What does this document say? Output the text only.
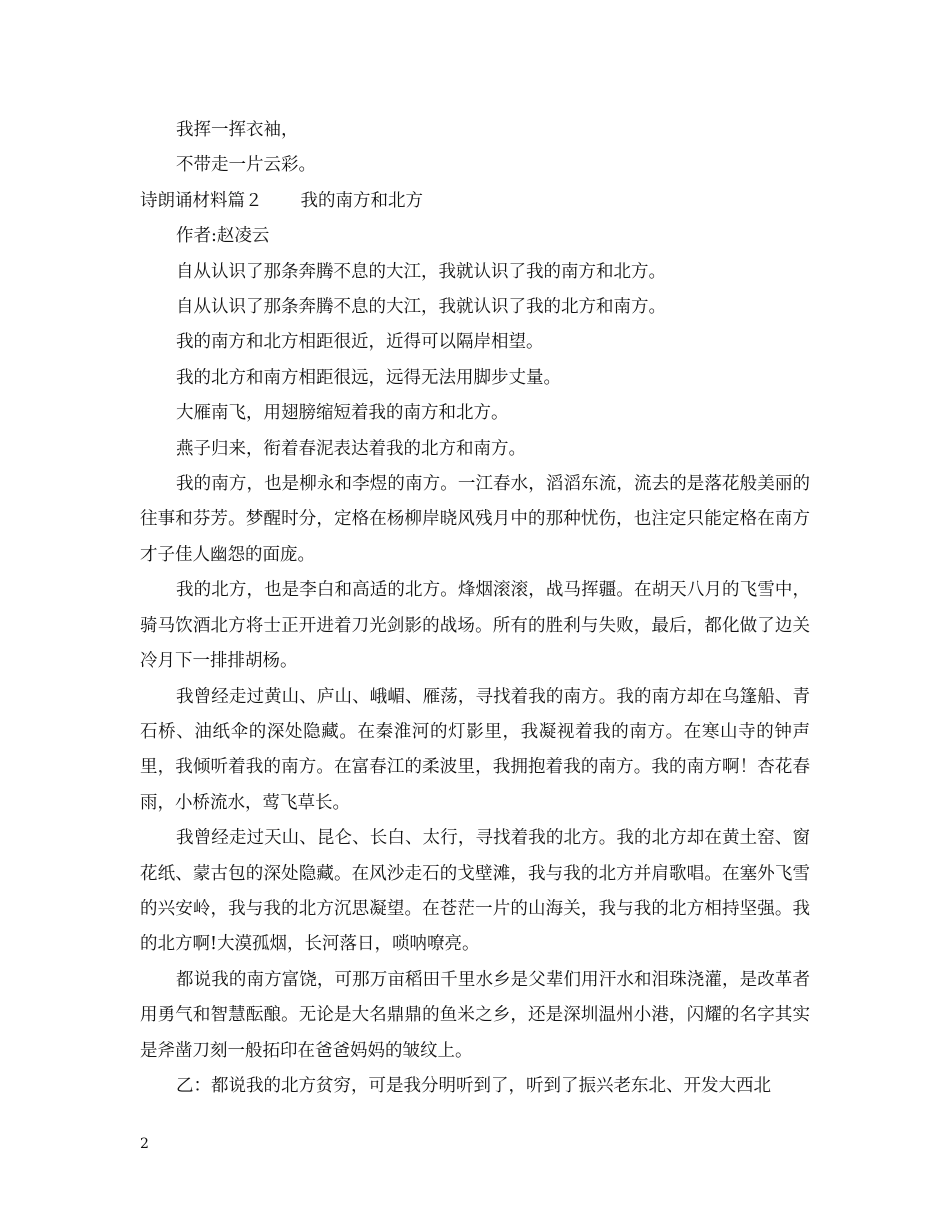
我挥一挥衣袖，
不带走一片云彩。
诗朗诵材料篇２ 我的南方和北方
作者:赵凌云
自从认识了那条奔腾不息的大江，我就认识了我的南方和北方。
自从认识了那条奔腾不息的大江，我就认识了我的北方和南方。
我的南方和北方相距很近，近得可以隔岸相望。
我的北方和南方相距很远，远得无法用脚步丈量。
大雁南飞，用翅膀缩短着我的南方和北方。
燕子归来，衔着春泥表达着我的北方和南方。

我的南方，也是柳永和李煜的南方。一江春水，滔滔东流，流去的是落花般美丽的往事和芬芳。梦醒时分，定格在杨柳岸晓风残月中的那种忧伤，也注定只能定格在南方才子佳人幽怨的面庞。

我的北方，也是李白和高适的北方。烽烟滚滚，战马挥疆。在胡天八月的飞雪中，骑马饮酒北方将士正开进着刀光剑影的战场。所有的胜利与失败，最后，都化做了边关冷月下一排排胡杨。

我曾经走过黄山、庐山、峨嵋、雁荡，寻找着我的南方。我的南方却在乌篷船、青石桥、油纸伞的深处隐藏。在秦淮河的灯影里，我凝视着我的南方。在寒山寺的钟声里，我倾听着我的南方。在富春江的柔波里，我拥抱着我的南方。我的南方啊！杏花春雨，小桥流水，莺飞草长。

我曾经走过天山、昆仑、长白、太行，寻找着我的北方。我的北方却在黄土窑、窗花纸、蒙古包的深处隐藏。在风沙走石的戈壁滩，我与我的北方并肩歌唱。在塞外飞雪的兴安岭，我与我的北方沉思凝望。在苍茫一片的山海关，我与我的北方相持坚强。我的北方啊!大漠孤烟，长河落日，唢呐嘹亮。

都说我的南方富饶，可那万亩稻田千里水乡是父辈们用汗水和泪珠浇灌，是改革者用勇气和智慧酝酿。无论是大名鼎鼎的鱼米之乡，还是深圳温州小港，闪耀的名字其实是斧凿刀刻一般拓印在爸爸妈妈的皱纹上。

乙：都说我的北方贫穷，可是我分明听到了，听到了振兴老东北、开发大西北

2
